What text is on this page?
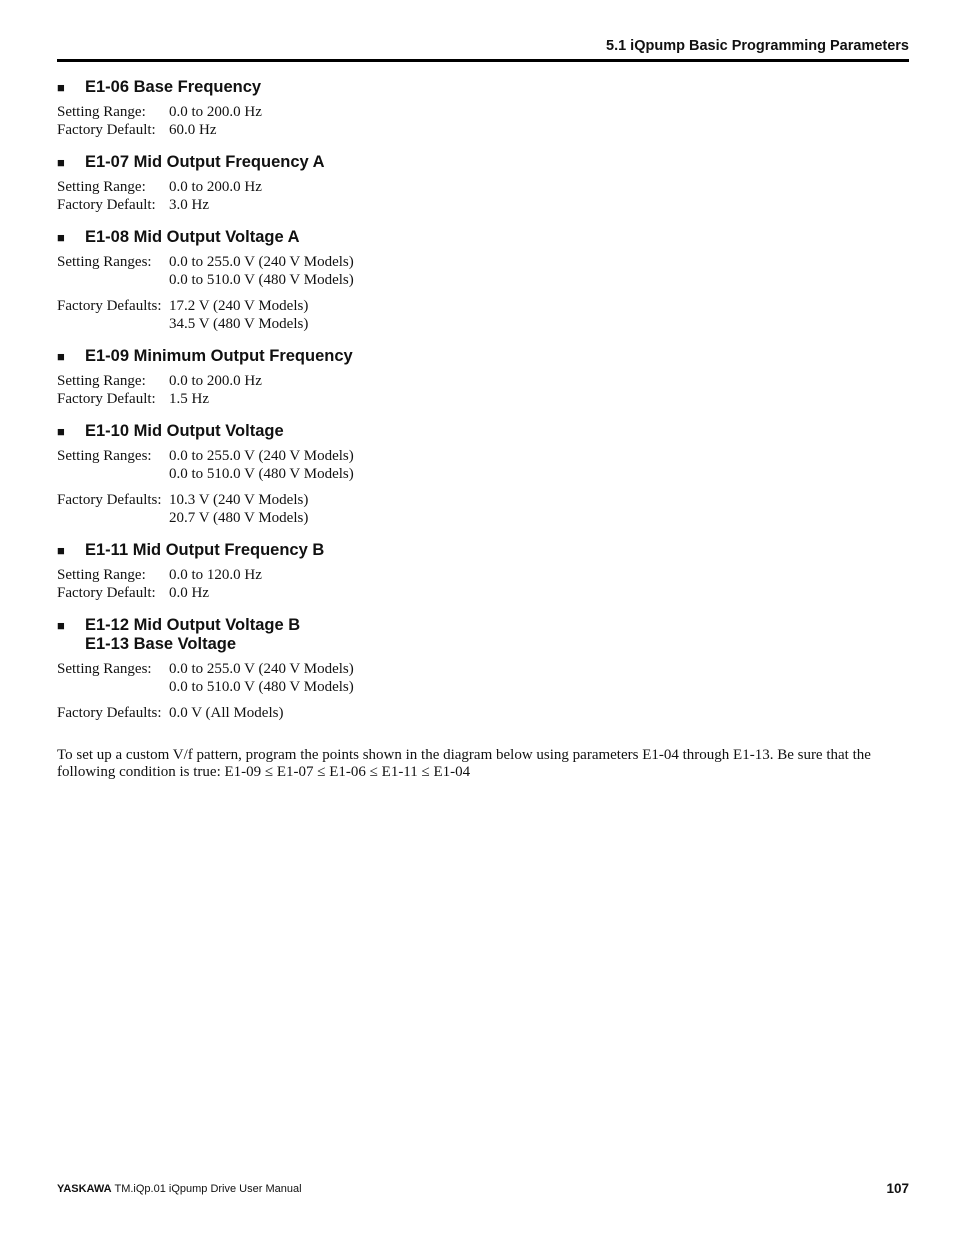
5.1 iQpump Basic Programming Parameters
■	E1-06 Base Frequency
Setting Range:	0.0 to 200.0 Hz
Factory Default: 60.0 Hz
■	E1-07 Mid Output Frequency A
Setting Range:	0.0 to 200.0 Hz
Factory Default: 3.0 Hz
■	E1-08 Mid Output Voltage A
Setting Ranges:	0.0 to 255.0 V (240 V Models)
0.0 to 510.0 V (480 V Models)
Factory Defaults: 17.2 V (240 V Models)
34.5 V (480 V Models)
■	E1-09 Minimum Output Frequency
Setting Range:	0.0 to 200.0 Hz
Factory Default: 1.5 Hz
■	E1-10 Mid Output Voltage
Setting Ranges:	0.0 to 255.0 V (240 V Models)
0.0 to 510.0 V (480 V Models)
Factory Defaults: 10.3 V (240 V Models)
20.7 V (480 V Models)
■	E1-11 Mid Output Frequency B
Setting Range:	0.0 to 120.0 Hz
Factory Default: 0.0 Hz
■	E1-12 Mid Output Voltage B
E1-13 Base Voltage
Setting Ranges:	0.0 to 255.0 V (240 V Models)
0.0 to 510.0 V (480 V Models)
Factory Defaults: 0.0 V (All Models)
To set up a custom V/f pattern, program the points shown in the diagram below using parameters E1-04 through E1-13. Be sure that the following condition is true: E1-09 ≤ E1-07 ≤ E1-06 ≤ E1-11 ≤ E1-04
YASKAWA TM.iQp.01 iQpump Drive User Manual	107
